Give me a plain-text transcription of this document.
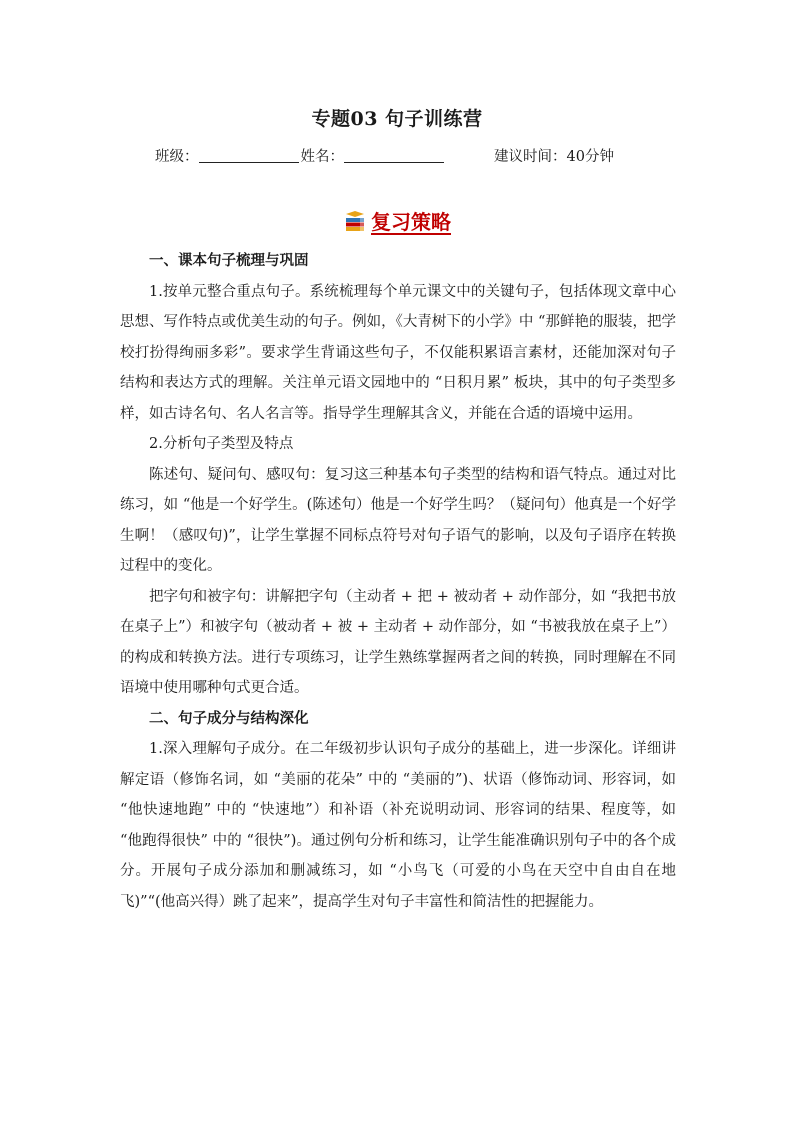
专题03 句子训练营
班级：	姓名：	建议时间：40分钟
复习策略
一、课本句子梳理与巩固

1.按单元整合重点句子。系统梳理每个单元课文中的关键句子，包括体现文章中心思想、写作特点或优美生动的句子。例如，《大青树下的小学》中 “那鲜艳的服装，把学校打扮得绚丽多彩”。要求学生背诵这些句子，不仅能积累语言素材，还能加深对句子结构和表达方式的理解。关注单元语文园地中的 “日积月累” 板块，其中的句子类型多样，如古诗名句、名人名言等。指导学生理解其含义，并能在合适的语境中运用。

2.分析句子类型及特点

陈述句、疑问句、感叹句：复习这三种基本句子类型的结构和语气特点。通过对比练习，如 “他是一个好学生。(陈述句）他是一个好学生吗？（疑问句）他真是一个好学生啊！（感叹句)”，让学生掌握不同标点符号对句子语气的影响，以及句子语序在转换过程中的变化。

把字句和被字句：讲解把字句（主动者 + 把 + 被动者 + 动作部分，如 “我把书放在桌子上”）和被字句（被动者 + 被 + 主动者 + 动作部分，如 “书被我放在桌子上”）的构成和转换方法。进行专项练习，让学生熟练掌握两者之间的转换，同时理解在不同语境中使用哪种句式更合适。

二、句子成分与结构深化

1.深入理解句子成分。在二年级初步认识句子成分的基础上，进一步深化。详细讲解定语（修饰名词，如 “美丽的花朵” 中的 “美丽的”)、状语（修饰动词、形容词，如 “他快速地跑” 中的 “快速地”）和补语（补充说明动词、形容词的结果、程度等，如 “他跑得很快” 中的 “很快”)。通过例句分析和练习，让学生能准确识别句子中的各个成分。开展句子成分添加和删减练习，如 “小鸟飞（可爱的小鸟在天空中自由自在地飞)”“(他高兴得）跳了起来”，提高学生对句子丰富性和简洁性的把握能力。
